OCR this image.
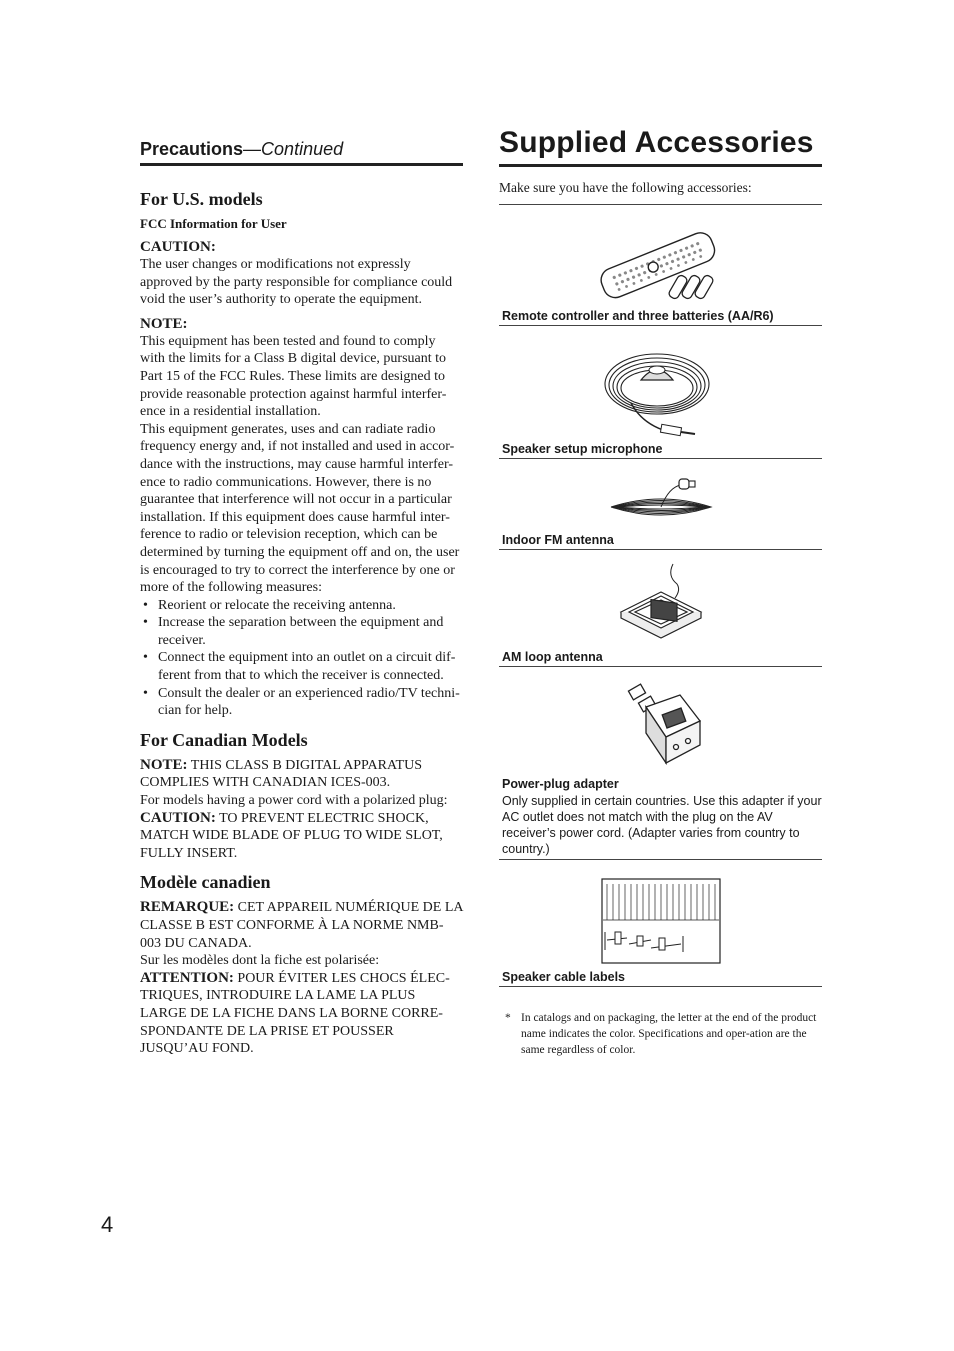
Precautions—Continued
For U.S. models
FCC Information for User
CAUTION:

The user changes or modifications not expressly approved by the party responsible for compliance could void the user’s authority to operate the equipment.

NOTE:

This equipment has been tested and found to comply with the limits for a Class B digital device, pursuant to Part 15 of the FCC Rules. These limits are designed to provide reasonable protection against harmful interfer-ence in a residential installation.

This equipment generates, uses and can radiate radio frequency energy and, if not installed and used in accor-dance with the instructions, may cause harmful interfer-ence to radio communications. However, there is no guarantee that interference will not occur in a particular installation. If this equipment does cause harmful inter-ference to radio or television reception, which can be determined by turning the equipment off and on, the user is encouraged to try to correct the interference by one or more of the following measures:

• Reorient or relocate the receiving antenna.
• Increase the separation between the equipment and receiver.
• Connect the equipment into an outlet on a circuit dif-ferent from that to which the receiver is connected.
• Consult the dealer or an experienced radio/TV techni-cian for help.
For Canadian Models

NOTE: THIS CLASS B DIGITAL APPARATUS COMPLIES WITH CANADIAN ICES-003.

For models having a power cord with a polarized plug:

CAUTION: TO PREVENT ELECTRIC SHOCK, MATCH WIDE BLADE OF PLUG TO WIDE SLOT, FULLY INSERT.

Modèle canadien

REMARQUE: CET APPAREIL NUMÉRIQUE DE LA CLASSE B EST CONFORME À LA NORME NMB-003 DU CANADA.

Sur les modèles dont la fiche est polarisée:

ATTENTION: POUR ÉVITER LES CHOCS ÉLEC-TRIQUES, INTRODUIRE LA LAME LA PLUS LARGE DE LA FICHE DANS LA BORNE CORRE-SPONDANTE DE LA PRISE ET POUSSER JUSQU’AU FOND.

Supplied Accessories
Make sure you have the following accessories:
Remote controller and three batteries (AA/R6)
Speaker setup microphone
Indoor FM antenna
AM loop antenna
Power-plug adapter
Only supplied in certain countries. Use this adapter if your AC outlet does not match with the plug on the AV receiver’s power cord. (Adapter varies from country to country.)
Speaker cable labels
* In catalogs and on packaging, the letter at the end of the product name indicates the color. Specifications and oper-ation are the same regardless of color.
4
